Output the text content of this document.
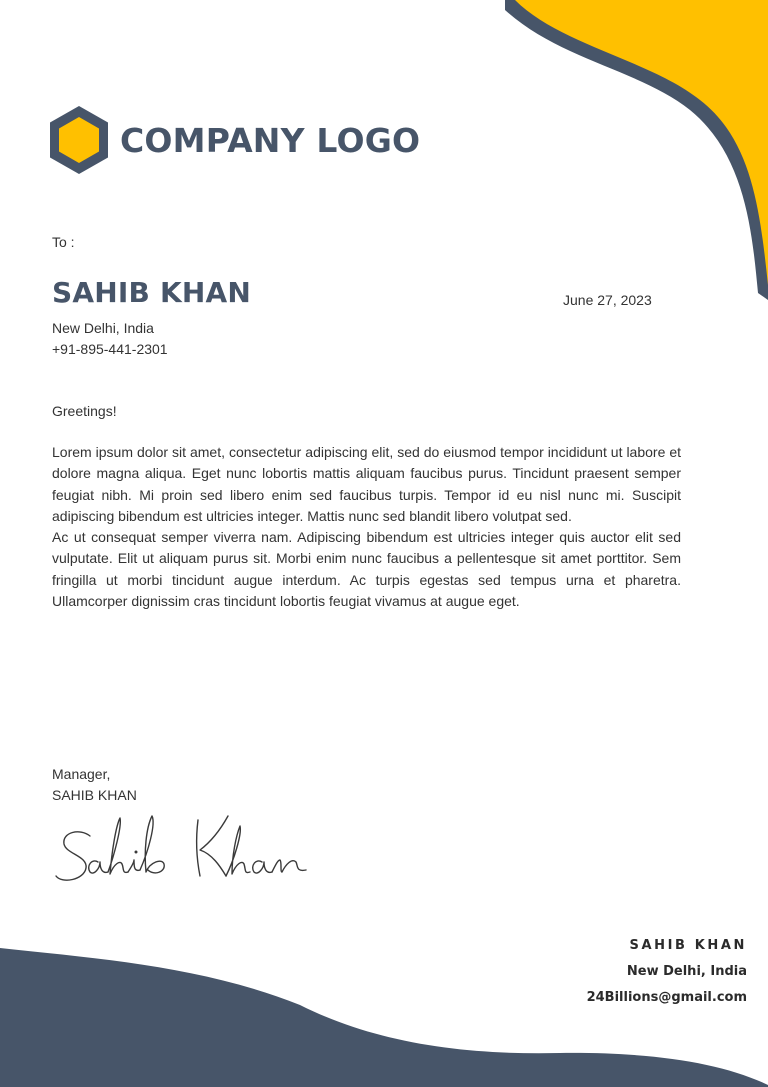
COMPANY LOGO
To :
SAHIB KHAN	June 27, 2023
New Delhi, India
+91-895-441-2301
Greetings!

Lorem ipsum dolor sit amet, consectetur adipiscing elit, sed do eiusmod tempor incididunt ut labore et dolore magna aliqua. Eget nunc lobortis mattis aliquam faucibus purus. Tincidunt praesent semper feugiat nibh. Mi proin sed libero enim sed faucibus turpis. Tempor id eu nisl nunc mi. Suscipit adipiscing bibendum est ultricies integer. Mattis nunc sed blandit libero volutpat sed.

Ac ut consequat semper viverra nam. Adipiscing bibendum est ultricies integer quis auctor elit sed vulputate. Elit ut aliquam purus sit. Morbi enim nunc faucibus a pellentesque sit amet porttitor. Sem fringilla ut morbi tincidunt augue interdum. Ac turpis egestas sed tempus urna et pharetra. Ullamcorper dignissim cras tincidunt lobortis feugiat vivamus at augue eget.

Manager,
SAHIB KHAN
SAHIB KHAN
New Delhi, India
24Billions@gmail.com
